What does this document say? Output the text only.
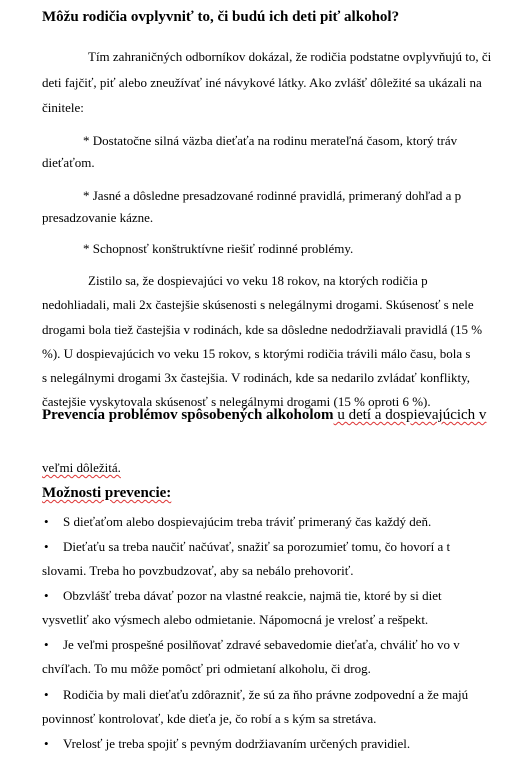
Môžu rodičia ovplyvniť to, či budú ich deti piť alkohol?
Tím zahraničných odborníkov dokázal, že rodičia podstatne ovplyvňujú to, či
deti fajčiť, piť alebo zneužívať iné návykové látky. Ako zvlášť dôležité sa ukázali na
činitele:
* Dostatočne silná väzba dieťaťa na rodinu merateľná časom, ktorý tráv
dieťaťom.
* Jasné a dôsledne presadzované rodinné pravidlá, primeraný dohľad a p
presadzovanie kázne.
* Schopnosť konštruktívne riešiť rodinné problémy.
Zistilo sa, že dospievajúci vo veku 18 rokov, na ktorých rodičia p
nedohliadali, mali 2x častejšie skúsenosti s nelegálnymi drogami. Skúsenosť s nele
drogami bola tiež častejšia v rodinách, kde sa dôsledne nedodržiavali pravidlá (15 %
%). U dospievajúcich vo veku 15 rokov, s ktorými rodičia trávili málo času, bola s
s nelegálnymi drogami 3x častejšia. V rodinách, kde sa nedarilo zvládať konflikty,
častejšie vyskytovala skúsenosť s nelegálnymi drogami (15 % oproti 6 %).
Prevencia problémov spôsobených alkoholom u detí a dospievajúcich v
veľmi dôležitá.
Možnosti prevencie:
• S dieťaťom alebo dospievajúcim treba tráviť primeraný čas každý deň.
• Dieťaťu sa treba naučiť načúvať, snažiť sa porozumieť tomu, čo hovorí a t
slovami. Treba ho povzbudzovať, aby sa nebálo prehovoriť.
• Obzvlášť treba dávať pozor na vlastné reakcie, najmä tie, ktoré by si diet
vysvetliť ako výsmech alebo odmietanie. Nápomocná je vrelosť a rešpekt.
• Je veľmi prospešné posilňovať zdravé sebavedomie dieťaťa, chváliť ho vo v
chvíľach. To mu môže pomôcť pri odmietaní alkoholu, či drog.
• Rodičia by mali dieťaťu zdôrazniť, že sú za ňho právne zodpovední a že majú
povinnosť kontrolovať, kde dieťa je, čo robí a s kým sa stretáva.
• Vrelosť je treba spojiť s pevným dodržiavaním určených pravidiel.
